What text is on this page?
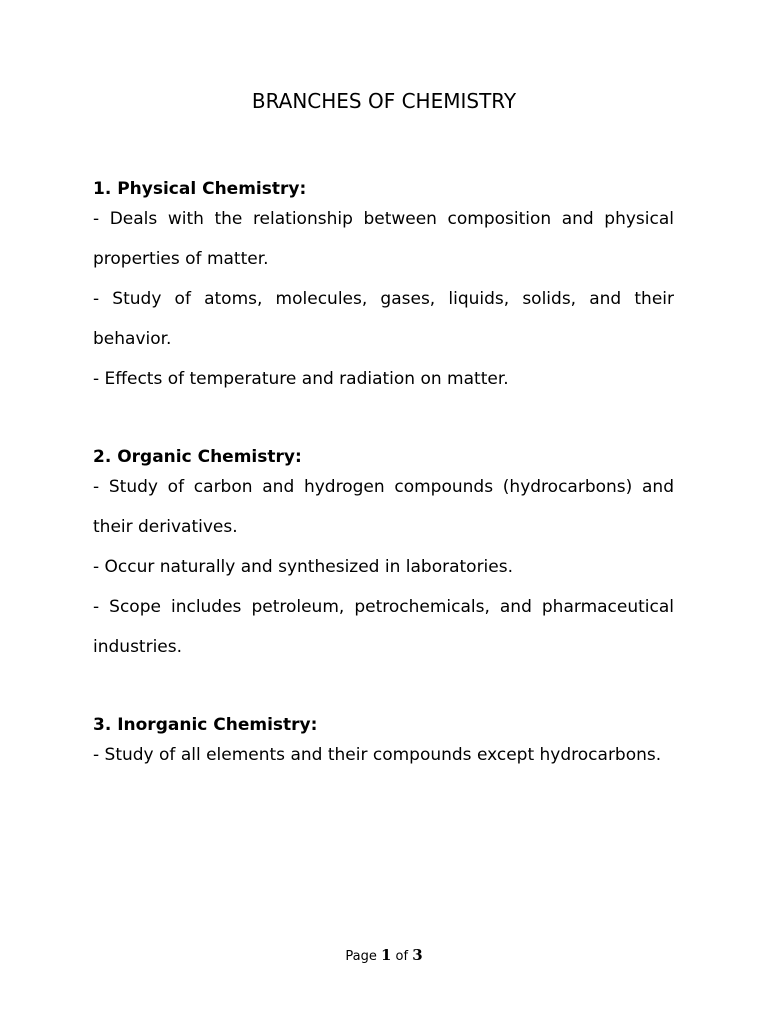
BRANCHES OF CHEMISTRY
1. Physical Chemistry:

- Deals with the relationship between composition and physical properties of matter.

- Study of atoms, molecules, gases, liquids, solids, and their behavior.

- Effects of temperature and radiation on matter.

2. Organic Chemistry:

- Study of carbon and hydrogen compounds (hydrocarbons) and their derivatives.

- Occur naturally and synthesized in laboratories.

- Scope includes petroleum, petrochemicals, and pharmaceutical industries.

3. Inorganic Chemistry:

- Study of all elements and their compounds except hydrocarbons.

Page 1 of 3
